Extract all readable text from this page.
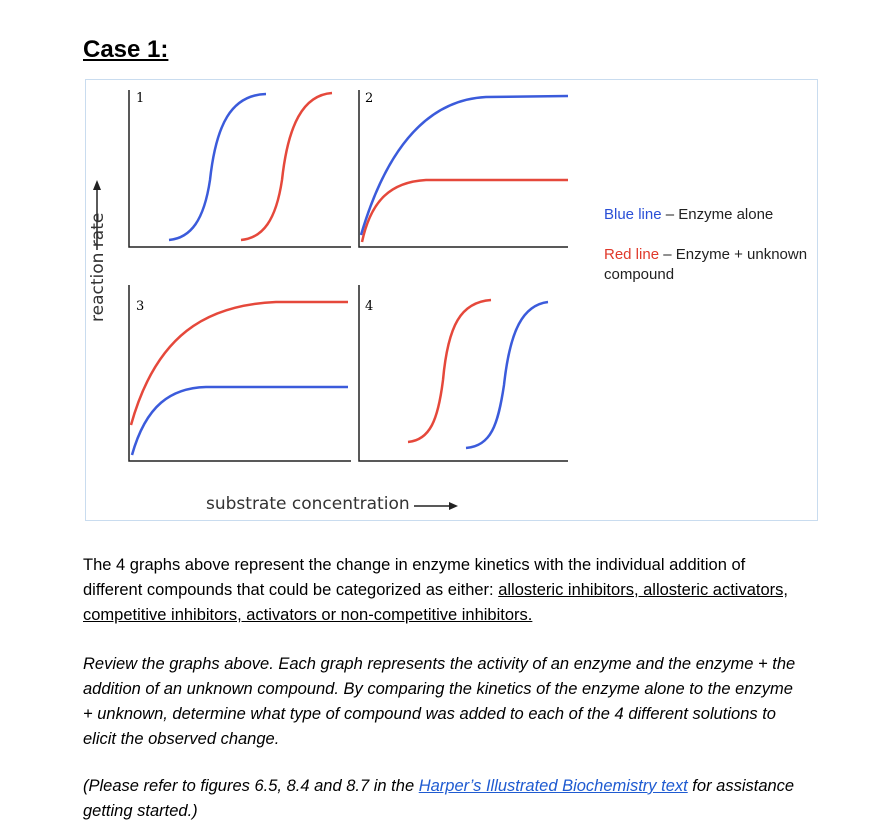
Case 1:
1	2
3	4
reaction rate
substrate concentration
Blue line – Enzyme alone
Red line – Enzyme + unknown compound
The 4 graphs above represent the change in enzyme kinetics with the individual addition of different compounds that could be categorized as either: allosteric inhibitors, allosteric activators, competitive inhibitors, activators or non-competitive inhibitors.
Review the graphs above. Each graph represents the activity of an enzyme and the enzyme + the addition of an unknown compound. By comparing the kinetics of the enzyme alone to the enzyme + unknown, determine what type of compound was added to each of the 4 different solutions to elicit the observed change.
(Please refer to figures 6.5, 8.4 and 8.7 in the Harper’s Illustrated Biochemistry text for assistance getting started.)
